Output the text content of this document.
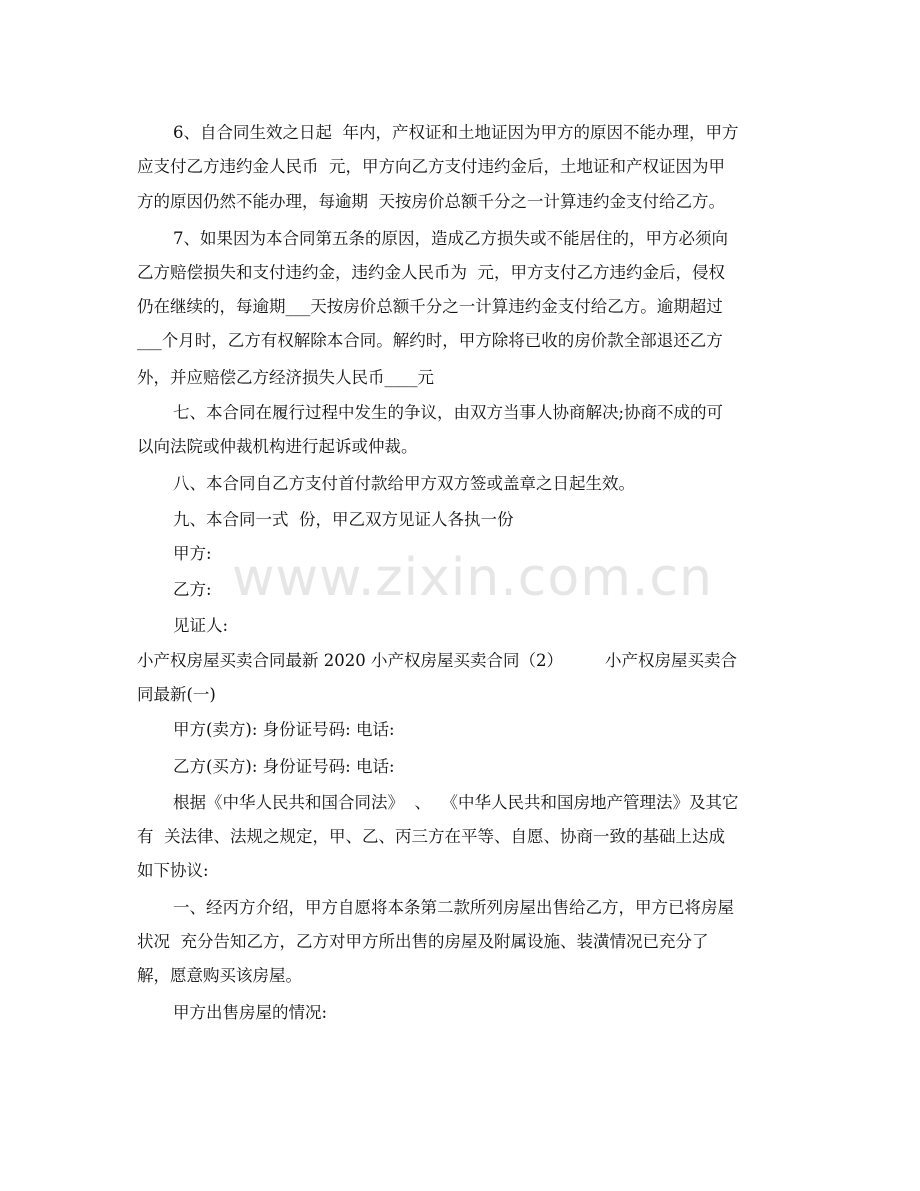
www.zixin.com.cn
6、自合同生效之日起  年内，产权证和土地证因为甲方的原因不能办理，甲方
应支付乙方违约金人民币  元，甲方向乙方支付违约金后，土地证和产权证因为甲
方的原因仍然不能办理，每逾期  天按房价总额千分之一计算违约金支付给乙方。
7、如果因为本合同第五条的原因，造成乙方损失或不能居住的，甲方必须向
乙方赔偿损失和支付违约金，违约金人民币为  元，甲方支付乙方违约金后，侵权
仍在继续的，每逾期___天按房价总额千分之一计算违约金支付给乙方。逾期超过
___个月时，乙方有权解除本合同。解约时，甲方除将已收的房价款全部退还乙方
外，并应赔偿乙方经济损失人民币____元
七、本合同在履行过程中发生的争议，由双方当事人协商解决;协商不成的可
以向法院或仲裁机构进行起诉或仲裁。
八、本合同自乙方支付首付款给甲方双方签或盖章之日起生效。
九、本合同一式  份，甲乙双方见证人各执一份
甲方:
乙方:
见证人:
小产权房屋买卖合同最新 2020 小产权房屋买卖合同（2）        小产权房屋买卖合
同最新(一)
甲方(卖方): 身份证号码: 电话:
乙方(买方): 身份证号码: 电话:
根据《中华人民共和国合同法》  、  《中华人民共和国房地产管理法》及其它
有  关法律、法规之规定，甲、乙、丙三方在平等、自愿、协商一致的基础上达成
如下协议:
一、经丙方介绍，甲方自愿将本条第二款所列房屋出售给乙方，甲方已将房屋
状况  充分告知乙方，乙方对甲方所出售的房屋及附属设施、装潢情况已充分了
解，愿意购买该房屋。
甲方出售房屋的情况:
